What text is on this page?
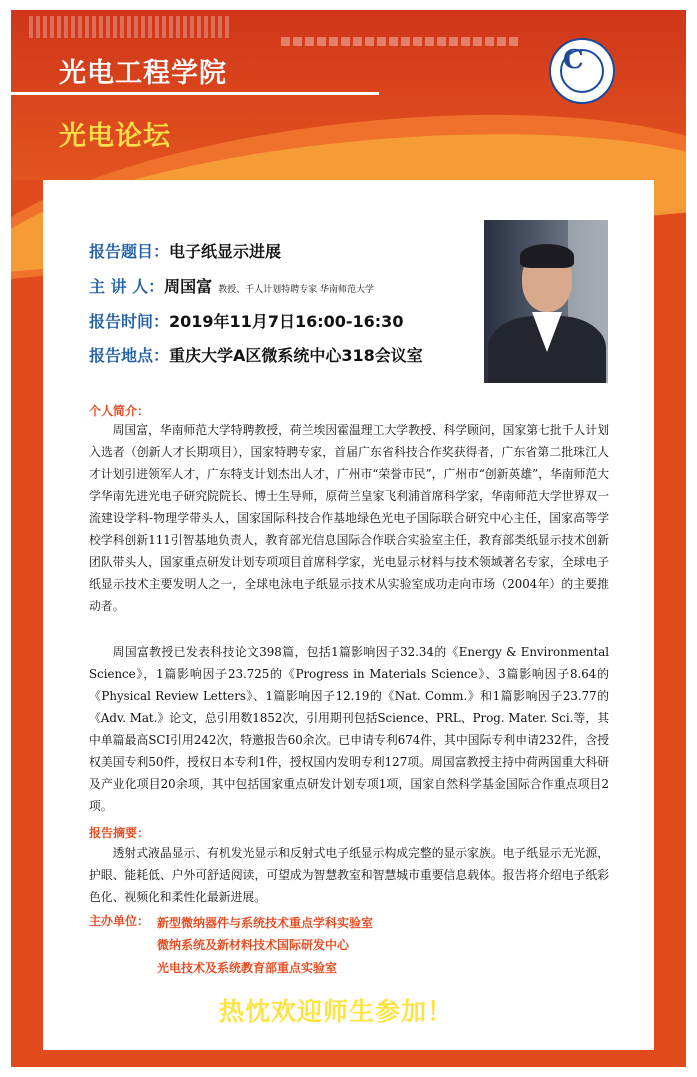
光电工程学院
光电论坛
C
报告题目：电子纸显示进展
主 讲 人：周国富 教授、千人计划特聘专家 华南师范大学
报告时间：2019年11月7日16:00-16:30
报告地点：重庆大学A区微系统中心318会议室
个人简介：
周国富，华南师范大学特聘教授，荷兰埃因霍温理工大学教授、科学顾问，国家第七批千人计划入选者（创新人才长期项目），国家特聘专家，首届广东省科技合作奖获得者，广东省第二批珠江人才计划引进领军人才，广东特支计划杰出人才，广州市“荣誉市民”，广州市“创新英雄”，华南师范大学华南先进光电子研究院院长、博士生导师，原荷兰皇家飞利浦首席科学家，华南师范大学世界双一流建设学科-物理学带头人，国家国际科技合作基地绿色光电子国际联合研究中心主任，国家高等学校学科创新111引智基地负责人，教育部光信息国际合作联合实验室主任，教育部类纸显示技术创新团队带头人，国家重点研发计划专项项目首席科学家，光电显示材料与技术领域著名专家，全球电子纸显示技术主要发明人之一，全球电泳电子纸显示技术从实验室成功走向市场（2004年）的主要推动者。
周国富教授已发表科技论文398篇，包括1篇影响因子32.34的《Energy & Environmental Science》，1篇影响因子23.725的《Progress in Materials Science》、3篇影响因子8.64的《Physical Review Letters》、1篇影响因子12.19的《Nat. Comm.》和1篇影响因子23.77的《Adv. Mat.》论文，总引用数1852次，引用期刊包括Science、PRL、Prog. Mater. Sci.等，其中单篇最高SCI引用242次，特邀报告60余次。已申请专利674件，其中国际专利申请232件，含授权美国专利50件，授权日本专利1件，授权国内发明专利127项。周国富教授主持中荷两国重大科研及产业化项目20余项，其中包括国家重点研发计划专项1项，国家自然科学基金国际合作重点项目2项。
报告摘要：
透射式液晶显示、有机发光显示和反射式电子纸显示构成完整的显示家族。电子纸显示无光源，护眼、能耗低、户外可舒适阅读，可望成为智慧教室和智慧城市重要信息载体。报告将介绍电子纸彩色化、视频化和柔性化最新进展。
主办单位： 新型微纳器件与系统技术重点学科实验室
微纳系统及新材料技术国际研发中心
光电技术及系统教育部重点实验室
热忱欢迎师生参加！
